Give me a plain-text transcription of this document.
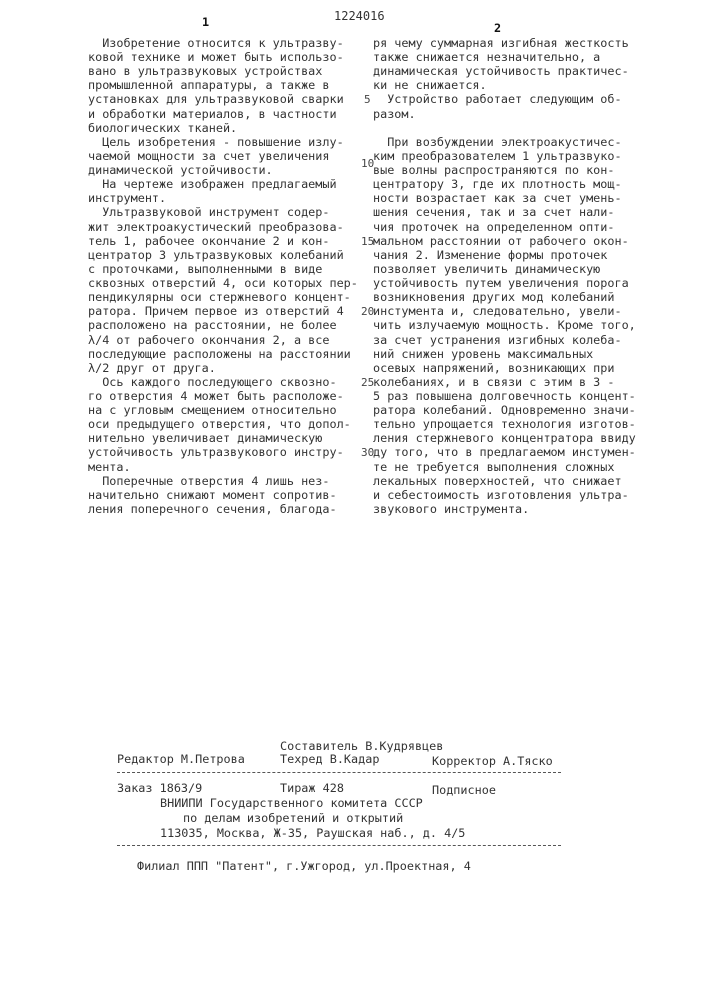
1	1224016
2
Изобретение относится к ультразву-
ковой технике и может быть использо-
вано в ультразвуковых устройствах
промышленной аппаратуры, а также в
установках для ультразвуковой сварки
и обработки материалов, в частности
биологических тканей.
Цель изобретения - повышение излу-
чаемой мощности за счет увеличения
динамической устойчивости.
На чертеже изображен предлагаемый
инструмент.
Ультразвуковой инструмент содер-
жит электроакустический преобразова-
тель 1, рабочее окончание 2 и кон-
центратор 3 ультразвуковых колебаний
с проточками, выполненными в виде
сквозных отверстий 4, оси которых пер-
пендикулярны оси стержневого концент-
ратора. Причем первое из отверстий 4
расположено на расстоянии, не более
λ/4 от рабочего окончания 2, а все
последующие расположены на расстоянии
λ/2 друг от друга.
Ось каждого последующего сквозно-
го отверстия 4 может быть расположе-
на с угловым смещением относительно
оси предыдущего отверстия, что допол-
нительно увеличивает динамическую
устойчивость ультразвукового инстру-
мента.
Поперечные отверстия 4 лишь нез-
начительно снижают момент сопротив-
ления поперечного сечения, благода-
ря чему суммарная изгибная жесткость
также снижается незначительно, а
динамическая устойчивость практичес-
ки не снижается.
Устройство работает следующим об-
разом.
При возбуждении электроакустичес-
ким преобразователем 1 ультразвуко-
вые волны распространяются по кон-
центратору 3, где их плотность мощ-
ности возрастает как за счет умень-
шения сечения, так и за счет нали-
чия проточек на определенном опти-
мальном расстоянии от рабочего окон-
чания 2. Изменение формы проточек
позволяет увеличить динамическую
устойчивость путем увеличения порога
возникновения других мод колебаний
инстумента и, следовательно, увели-
чить излучаемую мощность. Кроме того,
за счет устранения изгибных колеба-
ний снижен уровень максимальных
осевых напряжений, возникающих при
колебаниях, и в связи с этим в 3 -
5 раз повышена долговечность концент-
ратора колебаний. Одновременно значи-
тельно упрощается технология изготов-
ления стержневого концентратора ввиду
ду того, что в предлагаемом инстумен-
те не требуется выполнения сложных
лекальных поверхностей, что снижает
и себестоимость изготовления ультра-
звукового инструмента.
5
10
15
20
25
30
Составитель В.Кудрявцев
Редактор М.Петрова	Техред В.Кадар	Корректор А.Тяско
Заказ 1863/9	Тираж 428	Подписное
ВНИИПИ Государственного комитета СССР
по делам изобретений и открытий
113035, Москва, Ж-35, Раушская наб., д. 4/5
Филиал ППП "Патент", г.Ужгород, ул.Проектная, 4
